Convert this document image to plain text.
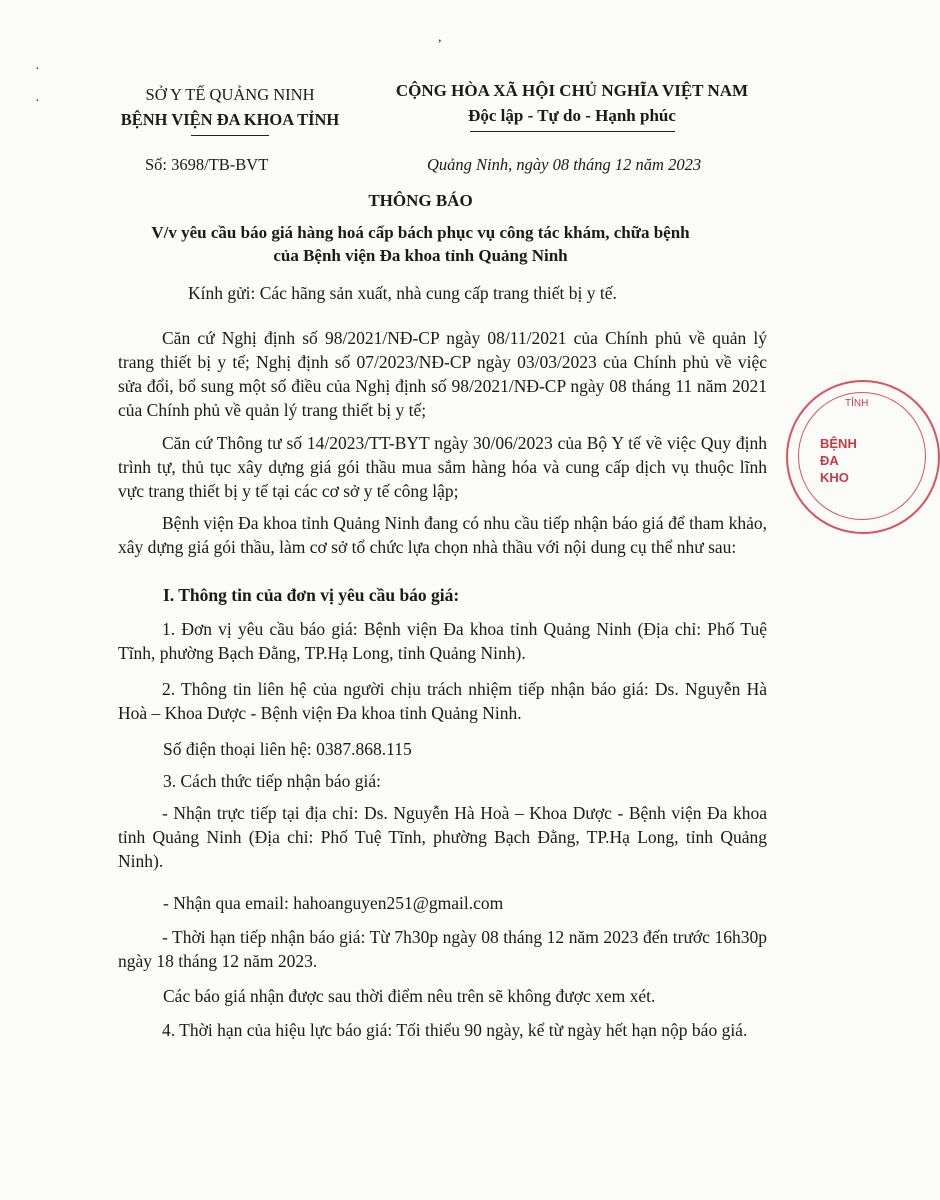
,
·
·	SỞ Y TẾ QUẢNG NINH
BỆNH VIỆN ĐA KHOA TỈNH
CỘNG HÒA XÃ HỘI CHỦ NGHĨA VIỆT NAM
Độc lập - Tự do - Hạnh phúc
Số: 3698/TB-BVT	Quảng Ninh, ngày 08 tháng 12 năm 2023
THÔNG BÁO
V/v yêu cầu báo giá hàng hoá cấp bách phục vụ công tác khám, chữa bệnh
của Bệnh viện Đa khoa tỉnh Quảng Ninh
Kính gửi: Các hãng sản xuất, nhà cung cấp trang thiết bị y tế.
Căn cứ Nghị định số 98/2021/NĐ-CP ngày 08/11/2021 của Chính phủ về quản lý trang thiết bị y tế; Nghị định số 07/2023/NĐ-CP ngày 03/03/2023 của Chính phủ về việc sửa đổi, bổ sung một số điều của Nghị định số 98/2021/NĐ-CP ngày 08 tháng 11 năm 2021 của Chính phủ về quản lý trang thiết bị y tế;
Căn cứ Thông tư số 14/2023/TT-BYT ngày 30/06/2023 của Bộ Y tế về việc Quy định trình tự, thủ tục xây dựng giá gói thầu mua sắm hàng hóa và cung cấp dịch vụ thuộc lĩnh vực trang thiết bị y tế tại các cơ sở y tế công lập;
Bệnh viện Đa khoa tỉnh Quảng Ninh đang có nhu cầu tiếp nhận báo giá để tham khảo, xây dựng giá gói thầu, làm cơ sở tổ chức lựa chọn nhà thầu với nội dung cụ thể như sau:
I. Thông tin của đơn vị yêu cầu báo giá:
1. Đơn vị yêu cầu báo giá: Bệnh viện Đa khoa tỉnh Quảng Ninh (Địa chỉ: Phố Tuệ Tĩnh, phường Bạch Đằng, TP.Hạ Long, tỉnh Quảng Ninh).
2. Thông tin liên hệ của người chịu trách nhiệm tiếp nhận báo giá: Ds. Nguyễn Hà Hoà – Khoa Dược - Bệnh viện Đa khoa tỉnh Quảng Ninh.
Số điện thoại liên hệ: 0387.868.115
3. Cách thức tiếp nhận báo giá:
- Nhận trực tiếp tại địa chỉ: Ds. Nguyễn Hà Hoà – Khoa Dược - Bệnh viện Đa khoa tỉnh Quảng Ninh (Địa chỉ: Phố Tuệ Tĩnh, phường Bạch Đằng, TP.Hạ Long, tỉnh Quảng Ninh).
- Nhận qua email: hahoanguyen251@gmail.com
- Thời hạn tiếp nhận báo giá: Từ 7h30p ngày 08 tháng 12 năm 2023 đến trước 16h30p ngày 18 tháng 12 năm 2023.
Các báo giá nhận được sau thời điểm nêu trên sẽ không được xem xét.
4. Thời hạn của hiệu lực báo giá: Tối thiểu 90 ngày, kể từ ngày hết hạn nộp báo giá.
TỈNH
BỆNH
ĐA KHO
